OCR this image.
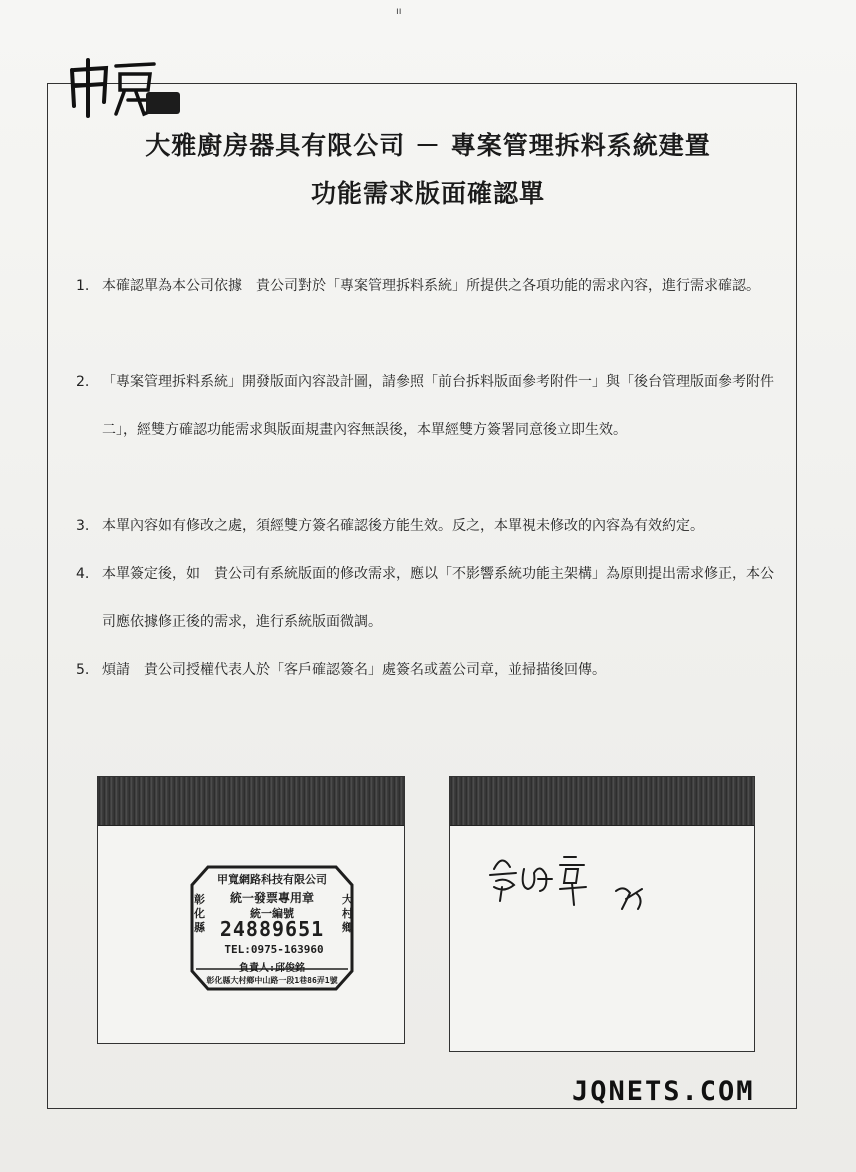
ıı
大雅廚房器具有限公司 － 專案管理拆料系統建置
功能需求版面確認單
1. 本確認單為本公司依據　貴公司對於「專案管理拆料系統」所提供之各項功能的需求內容，進行需求確認。
2. 「專案管理拆料系統」開發版面內容設計圖，請參照「前台拆料版面參考附件一」與「後台管理版面參考附件二」，經雙方確認功能需求與版面規畫內容無誤後，本單經雙方簽署同意後立即生效。
3. 本單內容如有修改之處，須經雙方簽名確認後方能生效。反之，本單視未修改的內容為有效約定。
4. 本單簽定後，如　貴公司有系統版面的修改需求，應以「不影響系統功能主架構」為原則提出需求修正，本公司應依據修正後的需求，進行系統版面微調。
5. 煩請　貴公司授權代表人於「客戶確認簽名」處簽名或蓋公司章，並掃描後回傳。
甲寬網路科技有限公司
統一發票專用章
統一編號
24889651
TEL:0975-163960
負責人:邱俊銘
彰化縣大村鄉中山路一段1巷86弄1號
彰化縣
大村鄉
JQNETS.COM
